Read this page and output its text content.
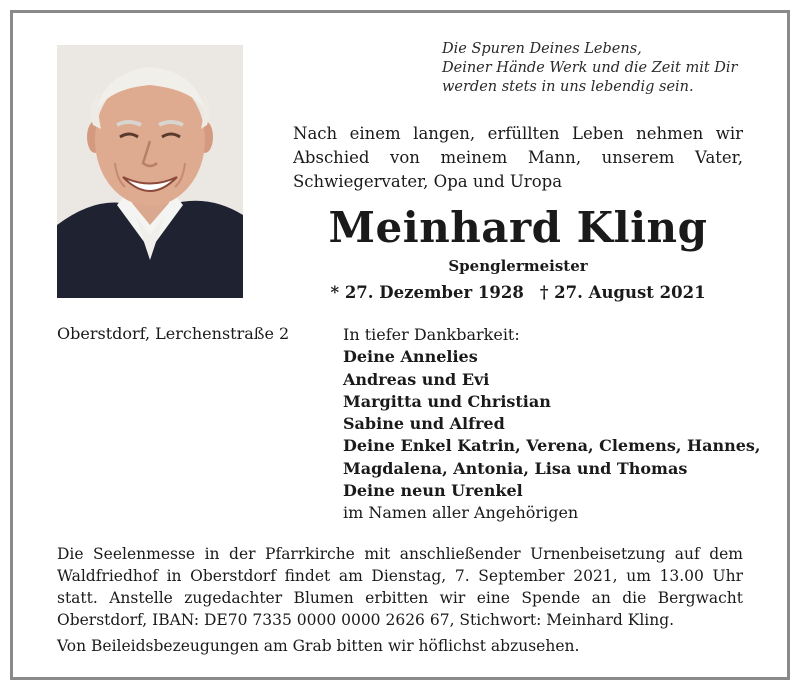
Die Spuren Deines Lebens,
Deiner Hände Werk und die Zeit mit Dir
werden stets in uns lebendig sein.
Nach einem langen, erfüllten Leben nehmen wir
Abschied von meinem Mann, unserem Vater,
Schwiegervater, Opa und Uropa
Meinhard Kling
Spenglermeister
* 27. Dezember 1928 † 27. August 2021
Oberstdorf, Lerchenstraße 2	In tiefer Dankbarkeit:
Deine Annelies
Andreas und Evi
Margitta und Christian
Sabine und Alfred
Deine Enkel Katrin, Verena, Clemens, Hannes,
Magdalena, Antonia, Lisa und Thomas
Deine neun Urenkel
im Namen aller Angehörigen
Die Seelenmesse in der Pfarrkirche mit anschließender Urnenbeisetzung auf dem
Waldfriedhof in Oberstdorf findet am Dienstag, 7. September 2021, um 13.00 Uhr
statt. Anstelle zugedachter Blumen erbitten wir eine Spende an die Bergwacht
Oberstdorf, IBAN: DE70 7335 0000 0000 2626 67, Stichwort: Meinhard Kling.
Von Beileidsbezeugungen am Grab bitten wir höflichst abzusehen.
